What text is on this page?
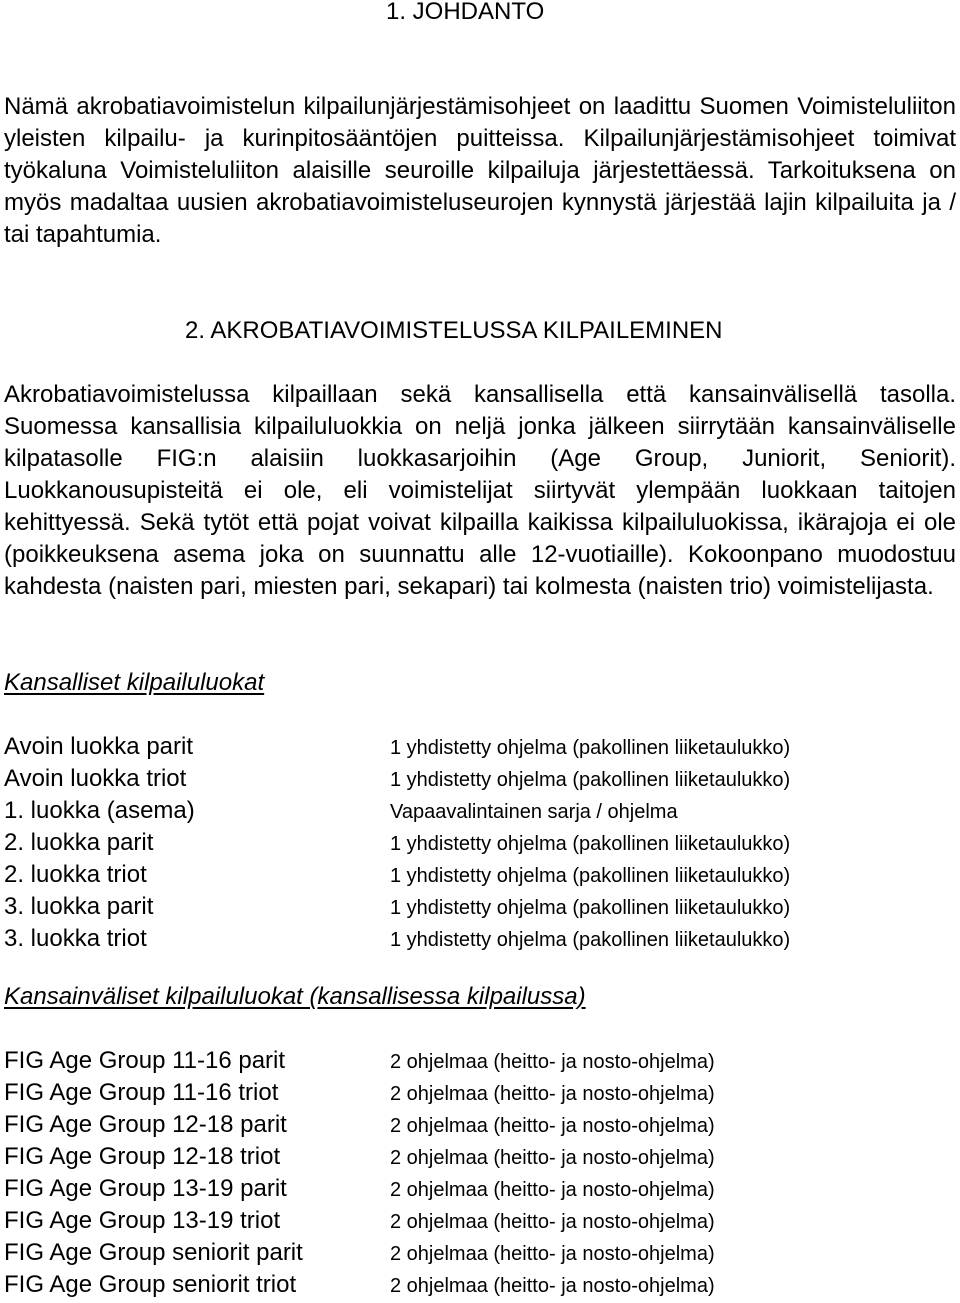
1. JOHDANTO
Nämä akrobatiavoimistelun kilpailunjärjestämisohjeet on laadittu Suomen Voimisteluliiton yleisten kilpailu- ja kurinpitosääntöjen puitteissa. Kilpailunjärjestämisohjeet toimivat työkaluna Voimisteluliiton alaisille seuroille kilpailuja järjestettäessä. Tarkoituksena on myös madaltaa uusien akrobatiavoimisteluseurojen kynnystä järjestää lajin kilpailuita ja / tai tapahtumia.
2. AKROBATIAVOIMISTELUSSA KILPAILEMINEN
Akrobatiavoimistelussa kilpaillaan sekä kansallisella että kansainvälisellä tasolla. Suomessa kansallisia kilpailuluokkia on neljä jonka jälkeen siirrytään kansainväliselle kilpatasolle FIG:n alaisiin luokkasarjoihin (Age Group, Juniorit, Seniorit). Luokkanousupisteitä ei ole, eli voimistelijat siirtyvät ylempään luokkaan taitojen kehittyessä. Sekä tytöt että pojat voivat kilpailla kaikissa kilpailuluokissa, ikärajoja ei ole (poikkeuksena asema joka on suunnattu alle 12-vuotiaille). Kokoonpano muodostuu kahdesta (naisten pari, miesten pari, sekapari) tai kolmesta (naisten trio) voimistelijasta.
Kansalliset kilpailuluokat
Avoin luokka parit	1 yhdistetty ohjelma (pakollinen liiketaulukko)
Avoin luokka triot	1 yhdistetty ohjelma (pakollinen liiketaulukko)
1. luokka (asema)	Vapaavalintainen sarja / ohjelma
2. luokka parit	1 yhdistetty ohjelma (pakollinen liiketaulukko)
2. luokka triot	1 yhdistetty ohjelma (pakollinen liiketaulukko)
3. luokka parit	1 yhdistetty ohjelma (pakollinen liiketaulukko)
3. luokka triot	1 yhdistetty ohjelma (pakollinen liiketaulukko)
Kansainväliset kilpailuluokat (kansallisessa kilpailussa)
FIG Age Group 11-16 parit	2 ohjelmaa (heitto- ja nosto-ohjelma)
FIG Age Group 11-16 triot	2 ohjelmaa (heitto- ja nosto-ohjelma)
FIG Age Group 12-18 parit	2 ohjelmaa (heitto- ja nosto-ohjelma)
FIG Age Group 12-18 triot	2 ohjelmaa (heitto- ja nosto-ohjelma)
FIG Age Group 13-19 parit	2 ohjelmaa (heitto- ja nosto-ohjelma)
FIG Age Group 13-19 triot	2 ohjelmaa (heitto- ja nosto-ohjelma)
FIG Age Group seniorit parit	2 ohjelmaa (heitto- ja nosto-ohjelma)
FIG Age Group seniorit triot	2 ohjelmaa (heitto- ja nosto-ohjelma)
